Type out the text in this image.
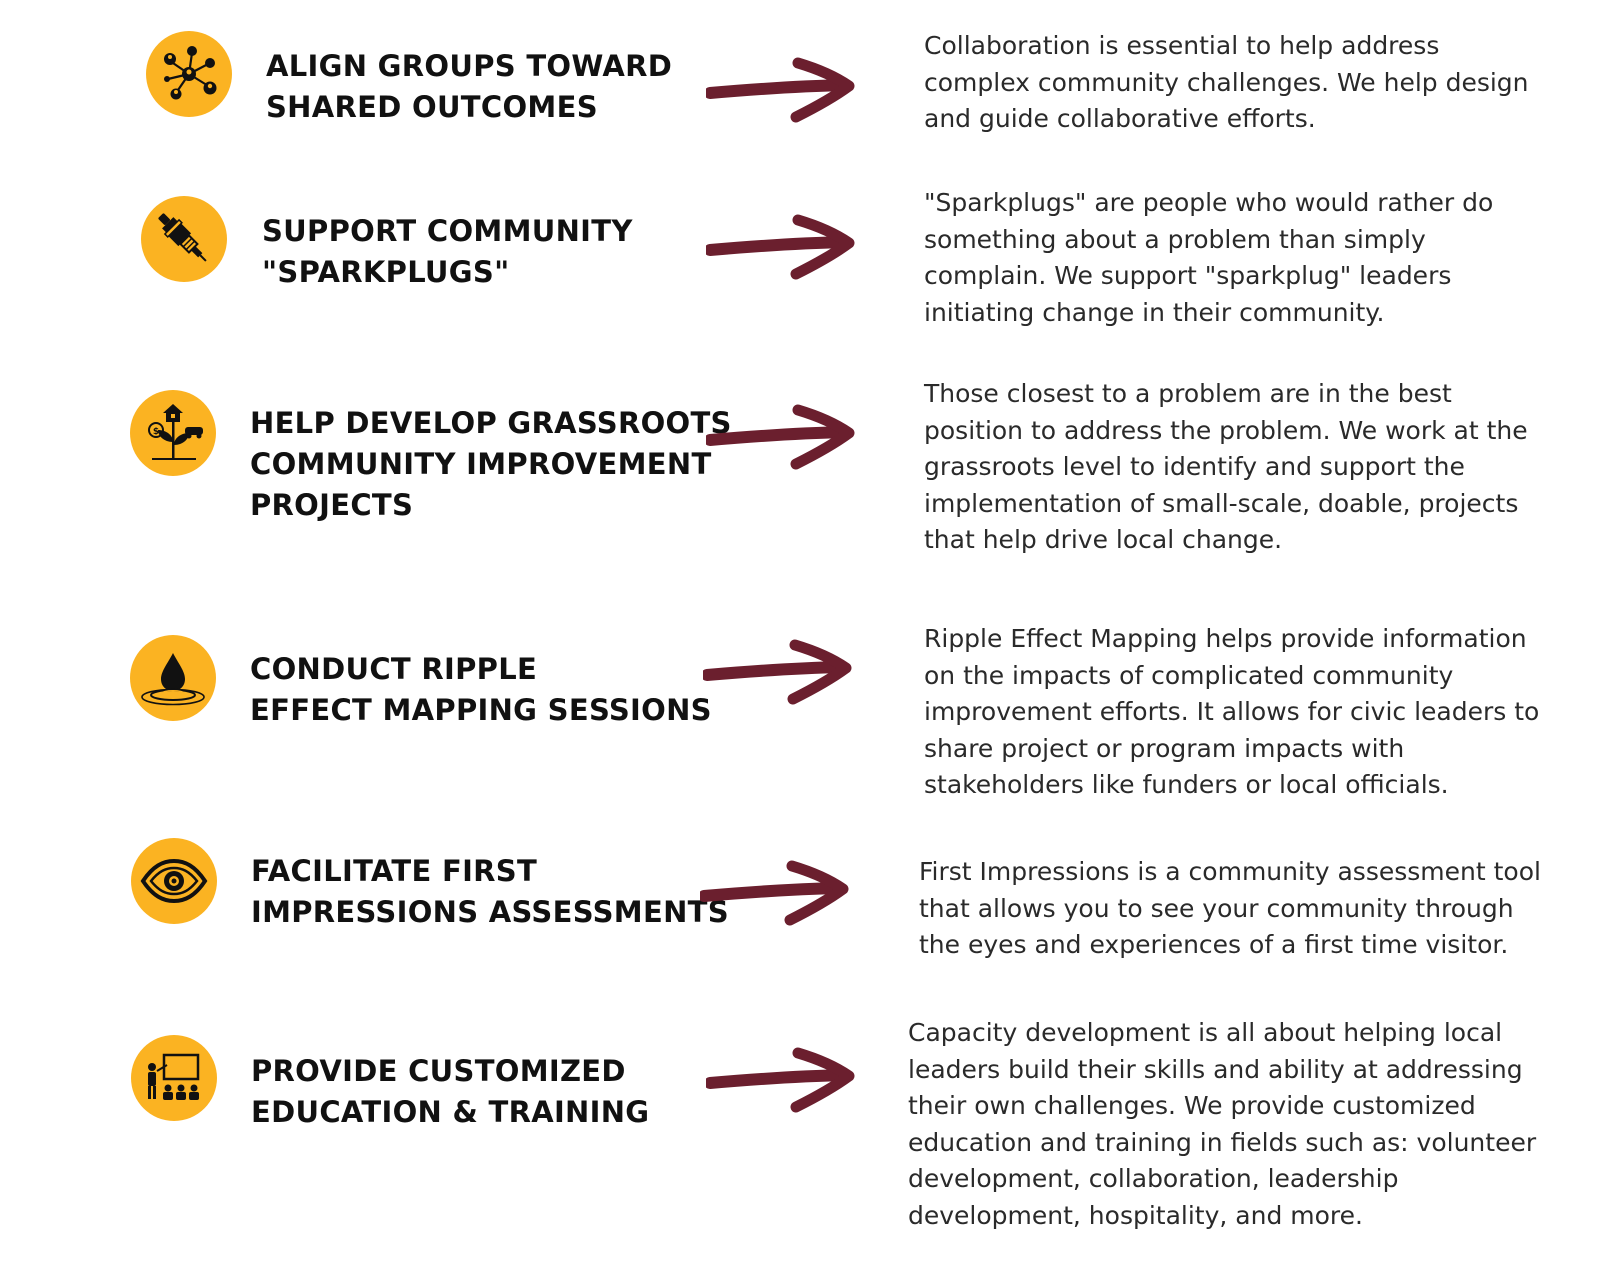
ALIGN GROUPS TOWARD
SHARED OUTCOMES
Collaboration is essential to help address
complex community challenges. We help design
and guide collaborative efforts.
SUPPORT COMMUNITY
"SPARKPLUGS"
"Sparkplugs" are people who would rather do
something about a problem than simply
complain. We support "sparkplug" leaders
initiating change in their community.
$	HELP DEVELOP GRASSROOTS
COMMUNITY IMPROVEMENT
PROJECTS
Those closest to a problem are in the best
position to address the problem. We work at the
grassroots level to identify and support the
implementation of small-scale, doable, projects
that help drive local change.
CONDUCT RIPPLE
EFFECT MAPPING SESSIONS
Ripple Effect Mapping helps provide information
on the impacts of complicated community
improvement efforts. It allows for civic leaders to
share project or program impacts with
stakeholders like funders or local officials.
FACILITATE FIRST
IMPRESSIONS ASSESSMENTS
First Impressions is a community assessment tool
that allows you to see your community through
the eyes and experiences of a first time visitor.
PROVIDE CUSTOMIZED
EDUCATION & TRAINING
Capacity development is all about helping local
leaders build their skills and ability at addressing
their own challenges. We provide customized
education and training in fields such as: volunteer
development, collaboration, leadership
development, hospitality, and more.
